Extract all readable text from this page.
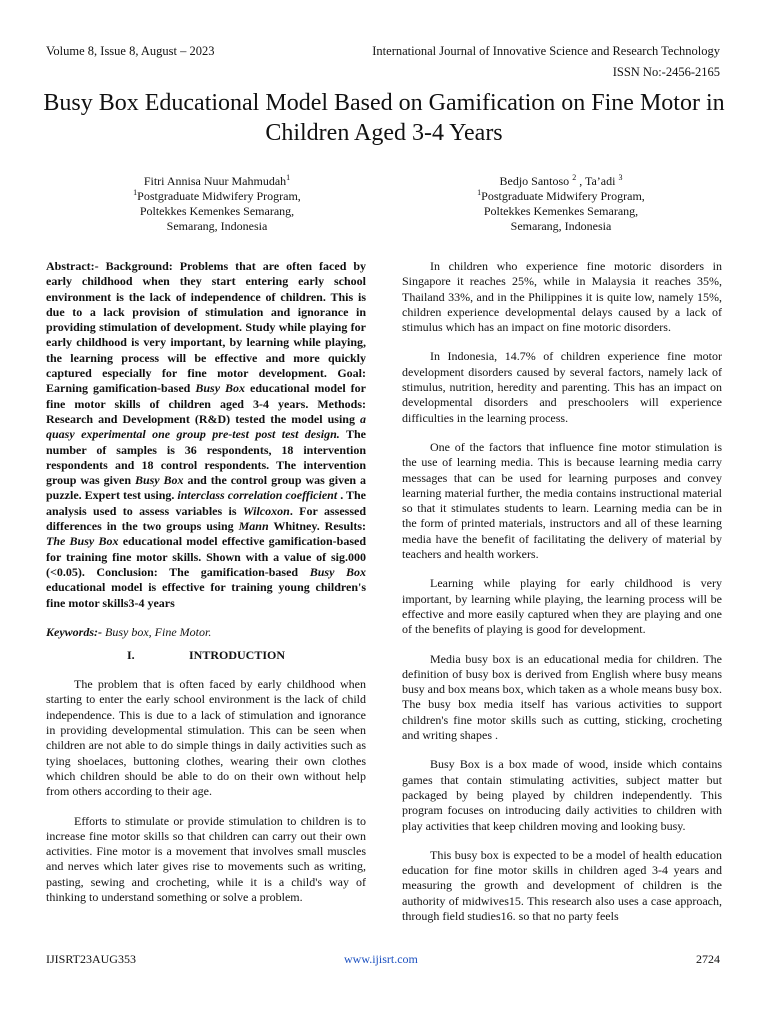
Volume 8, Issue 8, August – 2023	International Journal of Innovative Science and Research Technology
ISSN No:-2456-2165
Busy Box Educational Model Based on Gamification on Fine Motor in Children Aged 3-4 Years
Fitri Annisa Nuur Mahmudah$^1$
$^1$Postgraduate Midwifery Program,
Poltekkes Kemenkes Semarang,
Semarang, Indonesia
Bedjo Santoso $^2$ , Ta’adi $^3$
$^1$Postgraduate Midwifery Program,
Poltekkes Kemenkes Semarang,
Semarang, Indonesia

Abstract:- Background: Problems that are often faced by early childhood when they start entering early school environment is the lack of independence of children. This is due to a lack provision of stimulation and ignorance in providing stimulation of development. Study while playing for early childhood is very important, by learning while playing, the learning process will be effective and more quickly captured especially for fine motor development. Goal: Earning gamification-based Busy Box educational model for fine motor skills of children aged 3-4 years. Methods: Research and Development (R&D) tested the model using a quasy experimental one group pre-test post test design. The number of samples is 36 respondents, 18 intervention respondents and 18 control respondents. The intervention group was given Busy Box and the control group was given a puzzle. Expert test using. interclass correlation coefficient . The analysis used to assess variables is Wilcoxon. For assessed differences in the two groups using Mann Whitney. Results: The Busy Box educational model effective gamification-based for training fine motor skills. Shown with a value of sig.000 (<0.05). Conclusion: The gamification-based Busy Box educational model is effective for training young children's fine motor skills3-4 years

Keywords:- Busy box, Fine Motor.

I.	INTRODUCTION

The problem that is often faced by early childhood when starting to enter the early school environment is the lack of child independence. This is due to a lack of stimulation and ignorance in providing developmental stimulation. This can be seen when children are not able to do simple things in daily activities such as tying shoelaces, buttoning clothes, wearing their own clothes which children should be able to do on their own without help from others according to their age.

Efforts to stimulate or provide stimulation to children is to increase fine motor skills so that children can carry out their own activities. Fine motor is a movement that involves small muscles and nerves which later gives rise to movements such as writing, pasting, sewing and crocheting, while it is a child's way of thinking to understand something or solve a problem.

In children who experience fine motoric disorders in Singapore it reaches 25%, while in Malaysia it reaches 35%, Thailand 33%, and in the Philippines it is quite low, namely 15%, children experience developmental delays caused by a lack of stimulus which has an impact on fine motoric disorders.

In Indonesia, 14.7% of children experience fine motor development disorders caused by several factors, namely lack of stimulus, nutrition, heredity and parenting. This has an impact on developmental disorders and preschoolers will experience difficulties in the learning process.

One of the factors that influence fine motor stimulation is the use of learning media. This is because learning media carry messages that can be used for learning purposes and convey learning material further, the media contains instructional material so that it stimulates students to learn. Learning media can be in the form of printed materials, instructors and all of these learning media have the benefit of facilitating the delivery of material by teachers and health workers.

Learning while playing for early childhood is very important, by learning while playing, the learning process will be effective and more easily captured when they are playing and one of the benefits of playing is good for development.

Media busy box is an educational media for children. The definition of busy box is derived from English where busy means busy and box means box, which taken as a whole means busy box. The busy box media itself has various activities to support children's fine motor skills such as cutting, sticking, crocheting and writing shapes .

Busy Box is a box made of wood, inside which contains games that contain stimulating activities, subject matter but packaged by being played by children independently. This program focuses on introducing daily activities to children with play activities that keep children moving and looking busy.

This busy box is expected to be a model of health education education for fine motor skills in children aged 3-4 years and measuring the growth and development of children is the authority of midwives15. This research also uses a case approach, through field studies16. so that no party feels

IJISRT23AUG353	www.ijisrt.com	2724
